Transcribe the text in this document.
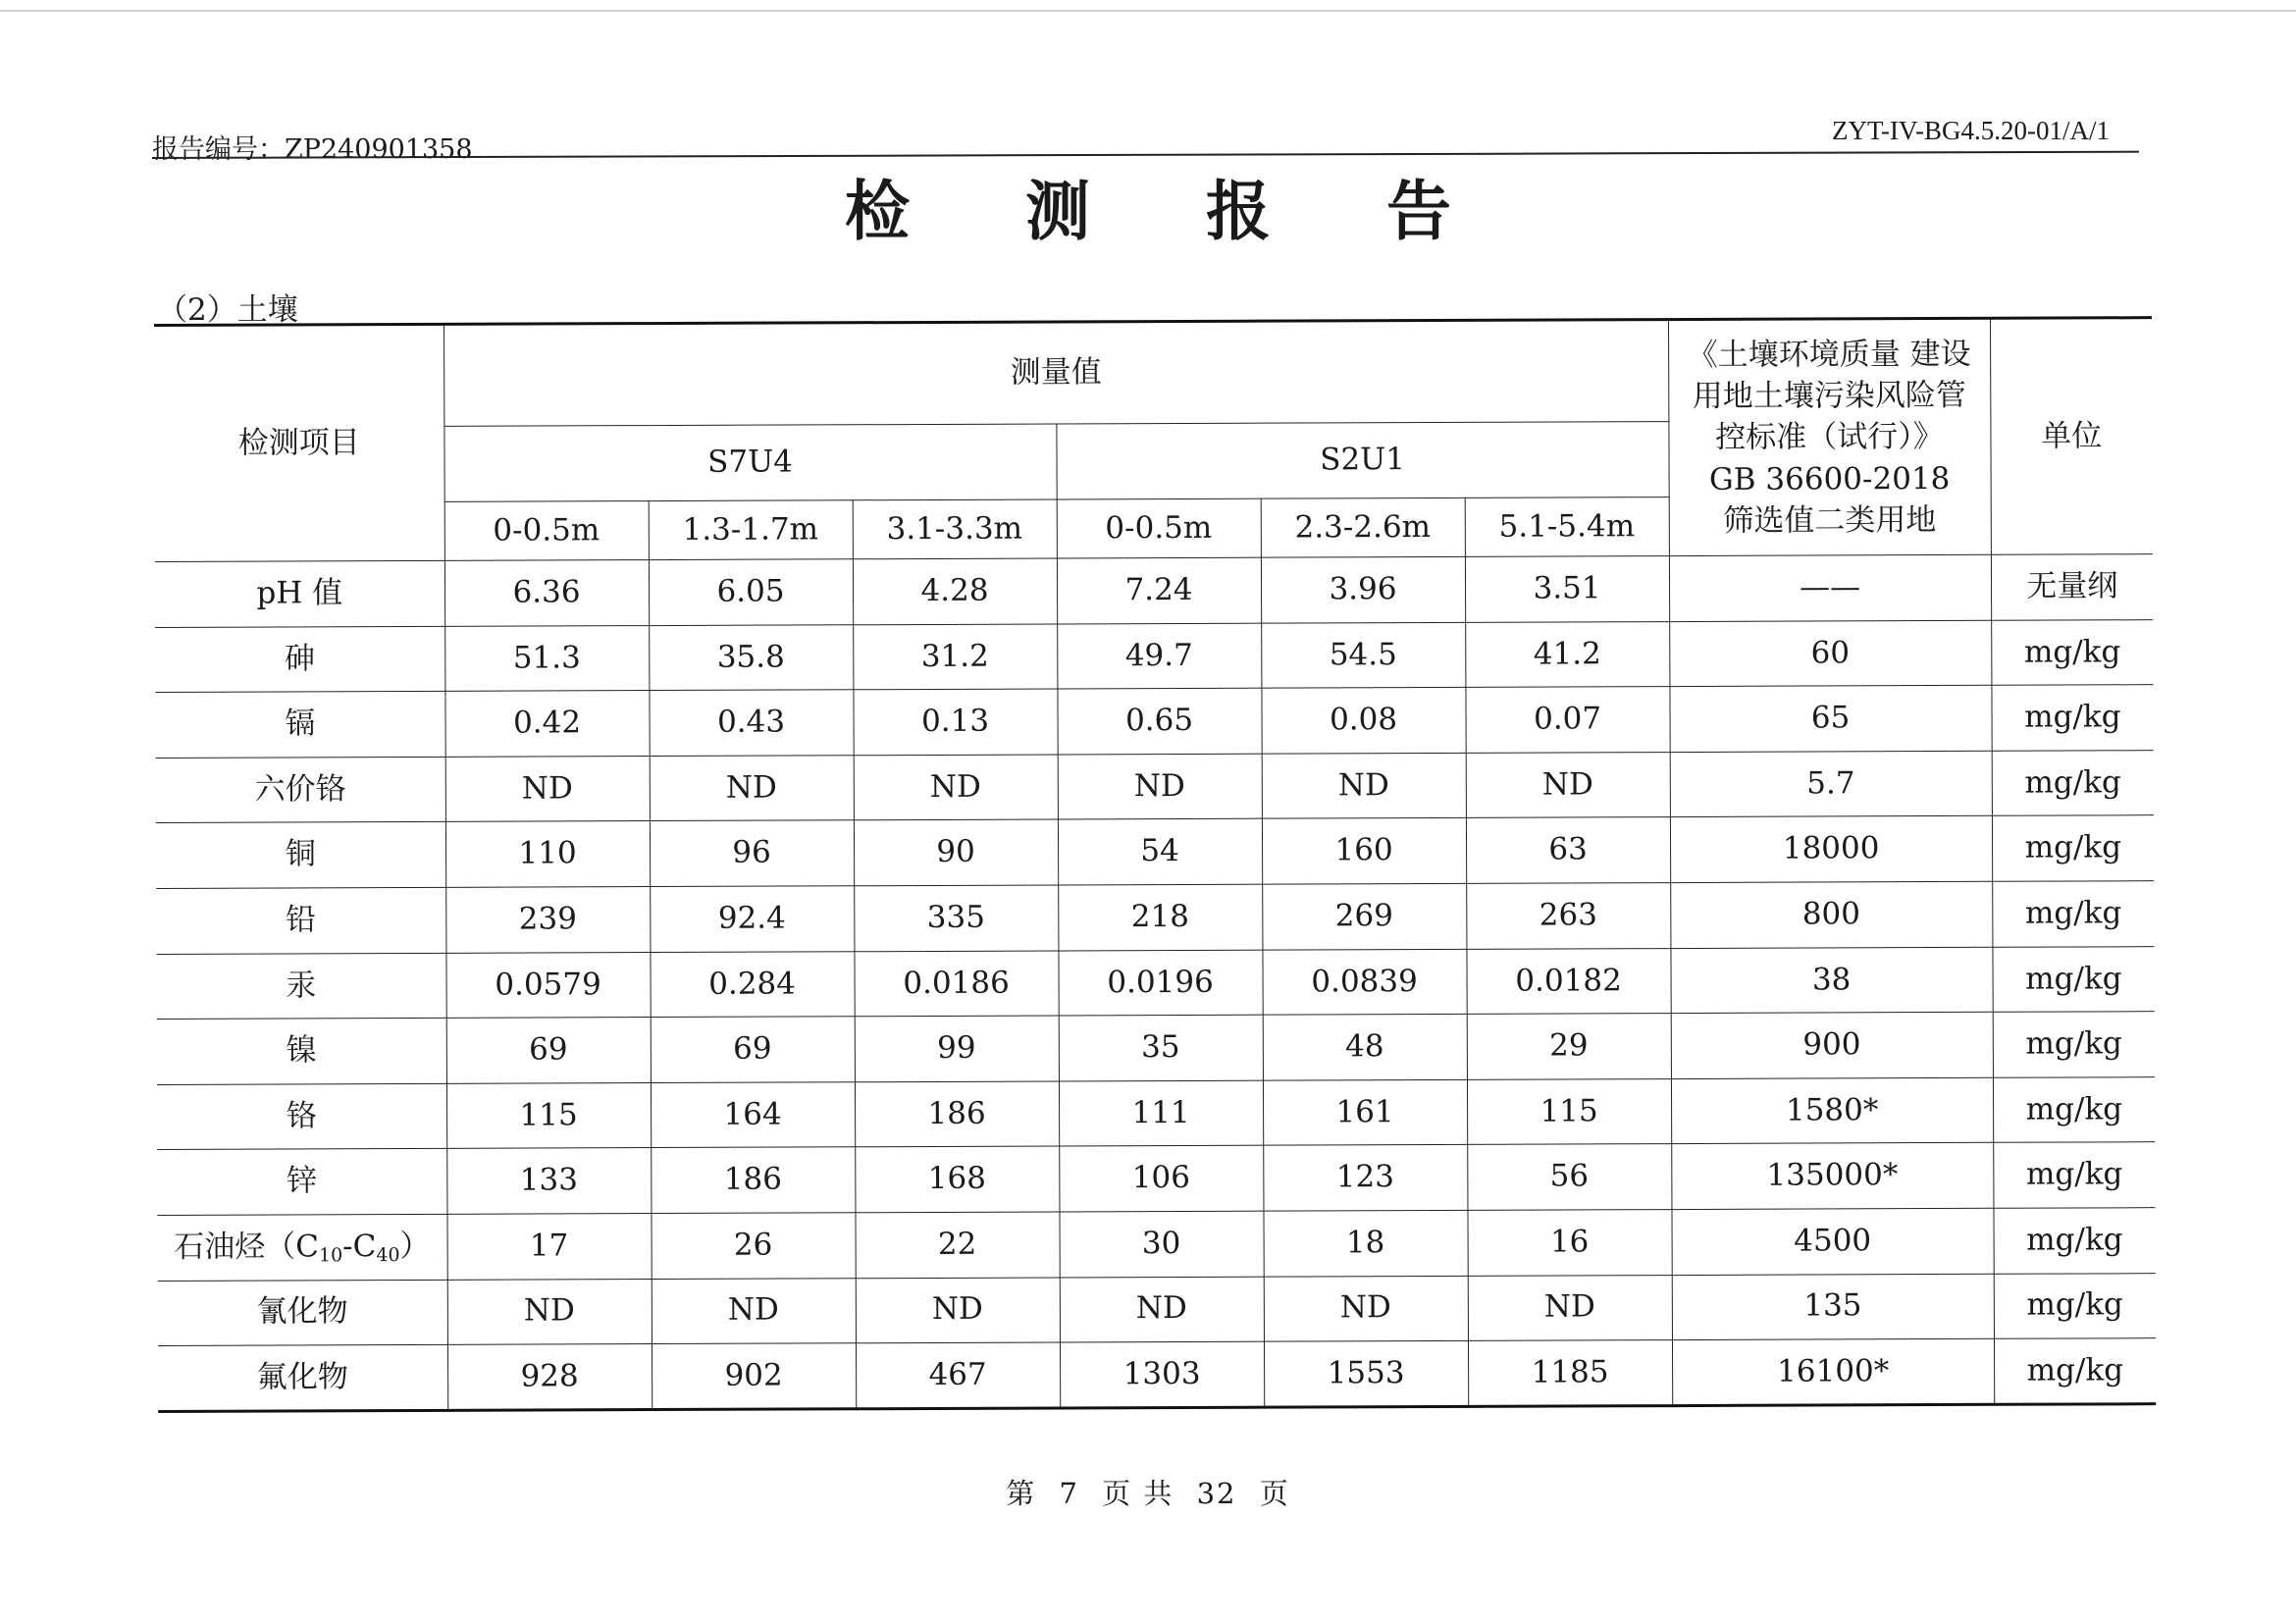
报告编号：ZP240901358
ZYT-IV-BG4.5.20-01/A/1
检测报告
（2）土壤
检测项目	测量值						《土壤环境质量 建设
用地土壤污染风险管
控标准（试行）》
GB 36600-2018
筛选值二类用地	单位
	S7U4			S2U1				
	0-0.5m	1.3-1.7m	3.1-3.3m	0-0.5m	2.3-2.6m	5.1-5.4m		
pH 值	6.36	6.05	4.28	7.24	3.96	3.51	——	无量纲
砷	51.3	35.8	31.2	49.7	54.5	41.2	60	mg/kg
镉	0.42	0.43	0.13	0.65	0.08	0.07	65	mg/kg
六价铬	ND	ND	ND	ND	ND	ND	5.7	mg/kg
铜	110	96	90	54	160	63	18000	mg/kg
铅	239	92.4	335	218	269	263	800	mg/kg
汞	0.0579	0.284	0.0186	0.0196	0.0839	0.0182	38	mg/kg
镍	69	69	99	35	48	29	900	mg/kg
铬	115	164	186	111	161	115	1580*	mg/kg
锌	133	186	168	106	123	56	135000*	mg/kg
石油烃$(C_{10}-C_{40})$	17	26	22	30	18	16	4500	mg/kg
氰化物	ND	ND	ND	ND	ND	ND	135	mg/kg
氟化物	928	902	467	1303	1553	1185	16100*	mg/kg
第 7 页 共 32 页
